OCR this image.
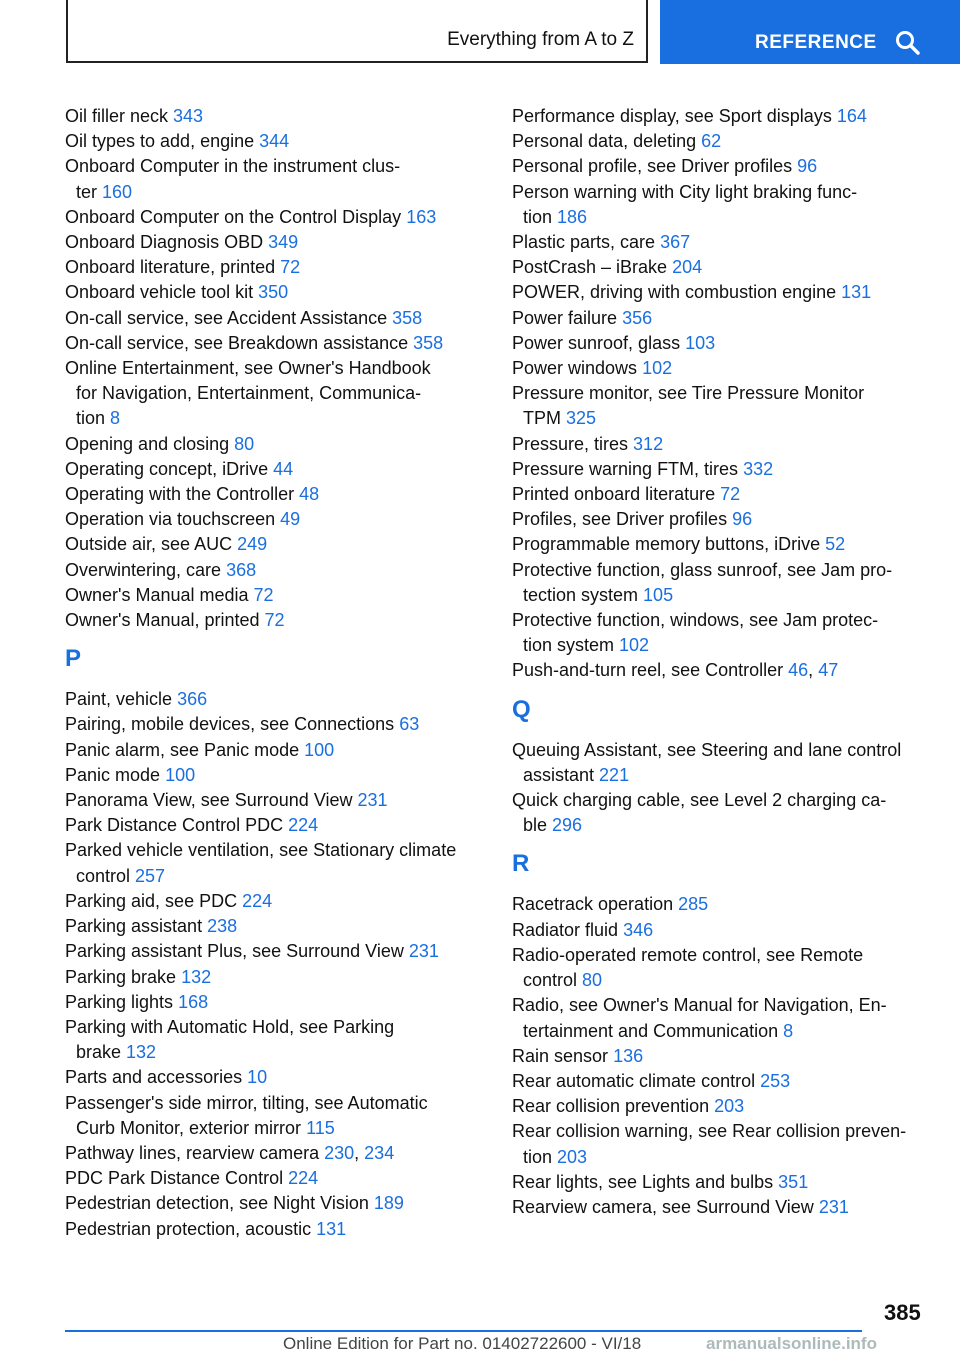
Everything from A to Z	REFERENCE
Oil filler neck 343
Oil types to add, engine 344
Onboard Computer in the instrument clus-
ter 160
Onboard Computer on the Control Display 163
Onboard Diagnosis OBD 349
Onboard literature, printed 72
Onboard vehicle tool kit 350
On-call service, see Accident Assistance 358
On-call service, see Breakdown assistance 358
Online Entertainment, see Owner's Handbook
for Navigation, Entertainment, Communica-
tion 8
Opening and closing 80
Operating concept, iDrive 44
Operating with the Controller 48
Operation via touchscreen 49
Outside air, see AUC 249
Overwintering, care 368
Owner's Manual media 72
Owner's Manual, printed 72
P
Paint, vehicle 366
Pairing, mobile devices, see Connections 63
Panic alarm, see Panic mode 100
Panic mode 100
Panorama View, see Surround View 231
Park Distance Control PDC 224
Parked vehicle ventilation, see Stationary climate
control 257
Parking aid, see PDC 224
Parking assistant 238
Parking assistant Plus, see Surround View 231
Parking brake 132
Parking lights 168
Parking with Automatic Hold, see Parking
brake 132
Parts and accessories 10
Passenger's side mirror, tilting, see Automatic
Curb Monitor, exterior mirror 115
Pathway lines, rearview camera 230, 234
PDC Park Distance Control 224
Pedestrian detection, see Night Vision 189
Pedestrian protection, acoustic 131
Performance display, see Sport displays 164
Personal data, deleting 62
Personal profile, see Driver profiles 96
Person warning with City light braking func-
tion 186
Plastic parts, care 367
PostCrash – iBrake 204
POWER, driving with combustion engine 131
Power failure 356
Power sunroof, glass 103
Power windows 102
Pressure monitor, see Tire Pressure Monitor
TPM 325
Pressure, tires 312
Pressure warning FTM, tires 332
Printed onboard literature 72
Profiles, see Driver profiles 96
Programmable memory buttons, iDrive 52
Protective function, glass sunroof, see Jam pro-
tection system 105
Protective function, windows, see Jam protec-
tion system 102
Push-and-turn reel, see Controller 46, 47
Q
Queuing Assistant, see Steering and lane control
assistant 221
Quick charging cable, see Level 2 charging ca-
ble 296
R
Racetrack operation 285
Radiator fluid 346
Radio-operated remote control, see Remote
control 80
Radio, see Owner's Manual for Navigation, En-
tertainment and Communication 8
Rain sensor 136
Rear automatic climate control 253
Rear collision prevention 203
Rear collision warning, see Rear collision preven-
tion 203
Rear lights, see Lights and bulbs 351
Rearview camera, see Surround View 231
385
Online Edition for Part no. 01402722600 - VI/18	armanualsonline.info
